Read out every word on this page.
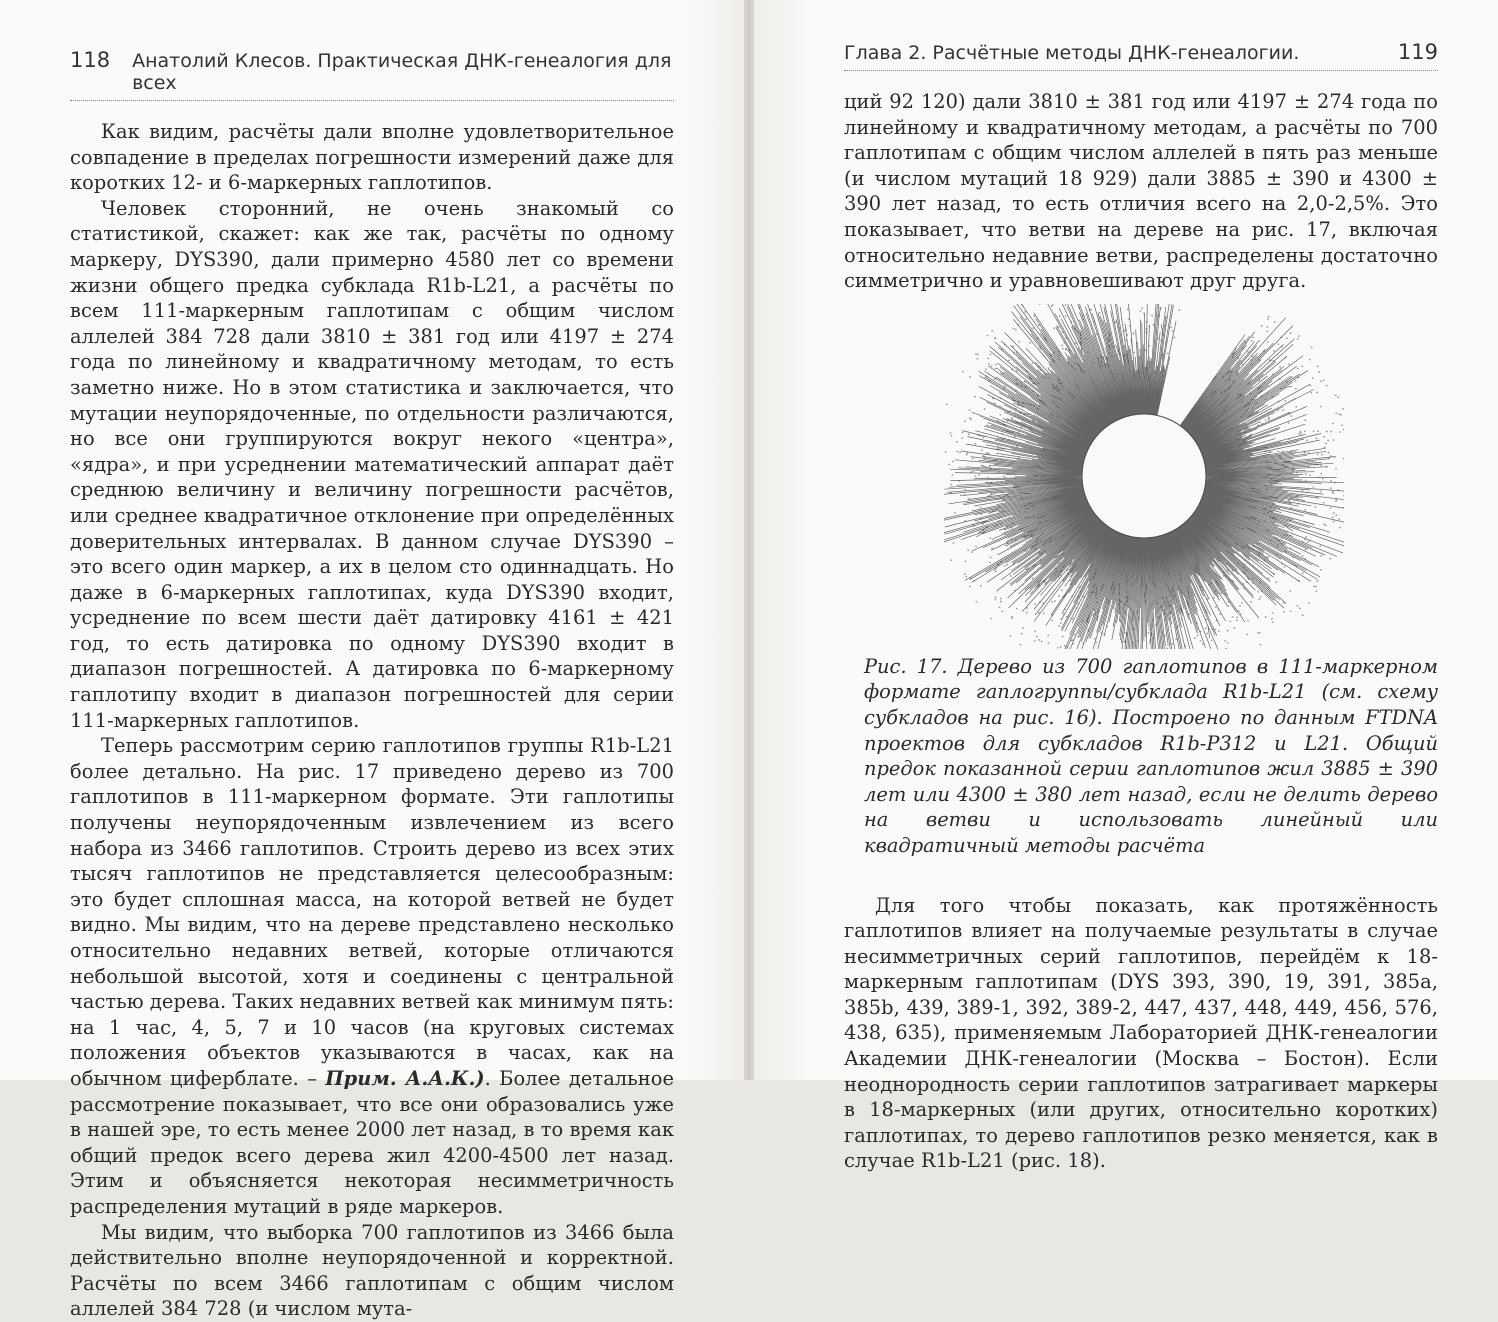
118 Анатолий Клесов. Практическая ДНК-генеалогия для всех

Как видим, расчёты дали вполне удовлетворительное совпадение в пределах погрешности измерений даже для коротких 12- и 6-маркерных гаплотипов.

Человек сторонний, не очень знакомый со статистикой, скажет: как же так, расчёты по одному маркеру, DYS390, дали примерно 4580 лет со времени жизни общего предка субклада R1b-L21, а расчёты по всем 111-маркерным гаплотипам с общим числом аллелей 384 728 дали 3810 ± 381 год или 4197 ± 274 года по линейному и квадратичному методам, то есть заметно ниже. Но в этом статистика и заключается, что мутации неупорядоченные, по отдельности различаются, но все они группируются вокруг некого «центра», «ядра», и при усреднении математический аппарат даёт среднюю величину и величину погрешности расчётов, или среднее квадратичное отклонение при определённых доверительных интервалах. В данном случае DYS390 – это всего один маркер, а их в целом сто одиннадцать. Но даже в 6-маркерных гаплотипах, куда DYS390 входит, усреднение по всем шести даёт датировку 4161 ± 421 год, то есть датировка по одному DYS390 входит в диапазон погрешностей. А датировка по 6-маркерному гаплотипу входит в диапазон погрешностей для серии 111-маркерных гаплотипов.

Теперь рассмотрим серию гаплотипов группы R1b-L21 более детально. На рис. 17 приведено дерево из 700 гаплотипов в 111-маркерном формате. Эти гаплотипы получены неупорядоченным извлечением из всего набора из 3466 гаплотипов. Строить дерево из всех этих тысяч гаплотипов не представляется целесообразным: это будет сплошная масса, на которой ветвей не будет видно. Мы видим, что на дереве представлено несколько относительно недавних ветвей, которые отличаются небольшой высотой, хотя и соединены с центральной частью дерева. Таких недавних ветвей как минимум пять: на 1 час, 4, 5, 7 и 10 часов (на круговых системах положения объектов указываются в часах, как на обычном циферблате. – Прим. А.А.К.). Более детальное рассмотрение показывает, что все они образовались уже в нашей эре, то есть менее 2000 лет назад, в то время как общий предок всего дерева жил 4200-4500 лет назад. Этим и объясняется некоторая несимметричность распределения мутаций в ряде маркеров.

Мы видим, что выборка 700 гаплотипов из 3466 была действительно вполне неупорядоченной и корректной. Расчёты по всем 3466 гаплотипам с общим числом аллелей 384 728 (и числом мута-

Глава 2. Расчётные методы ДНК-генеалогии.	119

ций 92 120) дали 3810 ± 381 год или 4197 ± 274 года по линейному и квадратичному методам, а расчёты по 700 гаплотипам с общим числом аллелей в пять раз меньше (и числом мутаций 18 929) дали 3885 ± 390 и 4300 ± 390 лет назад, то есть отличия всего на 2,0-2,5%. Это показывает, что ветви на дереве на рис. 17, включая относительно недавние ветви, распределены достаточно симметрично и уравновешивают друг друга.

Рис. 17. Дерево из 700 гаплотипов в 111-маркерном формате гаплогруппы/субклада R1b-L21 (см. схему субкладов на рис. 16). Построено по данным FTDNA проектов для субкладов R1b-P312 и L21. Общий предок показанной серии гаплотипов жил 3885 ± 390 лет или 4300 ± 380 лет назад, если не делить дерево на ветви и использовать линейный или квадратичный методы расчёта

Для того чтобы показать, как протяжённость гаплотипов влияет на получаемые результаты в случае несимметричных серий гаплотипов, перейдём к 18-маркерным гаплотипам (DYS 393, 390, 19, 391, 385a, 385b, 439, 389-1, 392, 389-2, 447, 437, 448, 449, 456, 576, 438, 635), применяемым Лабораторией ДНК-генеалогии Академии ДНК-генеалогии (Москва – Бостон). Если неоднородность серии гаплотипов затрагивает маркеры в 18-маркерных (или других, относительно коротких) гаплотипах, то дерево гаплотипов резко меняется, как в случае R1b-L21 (рис. 18).
